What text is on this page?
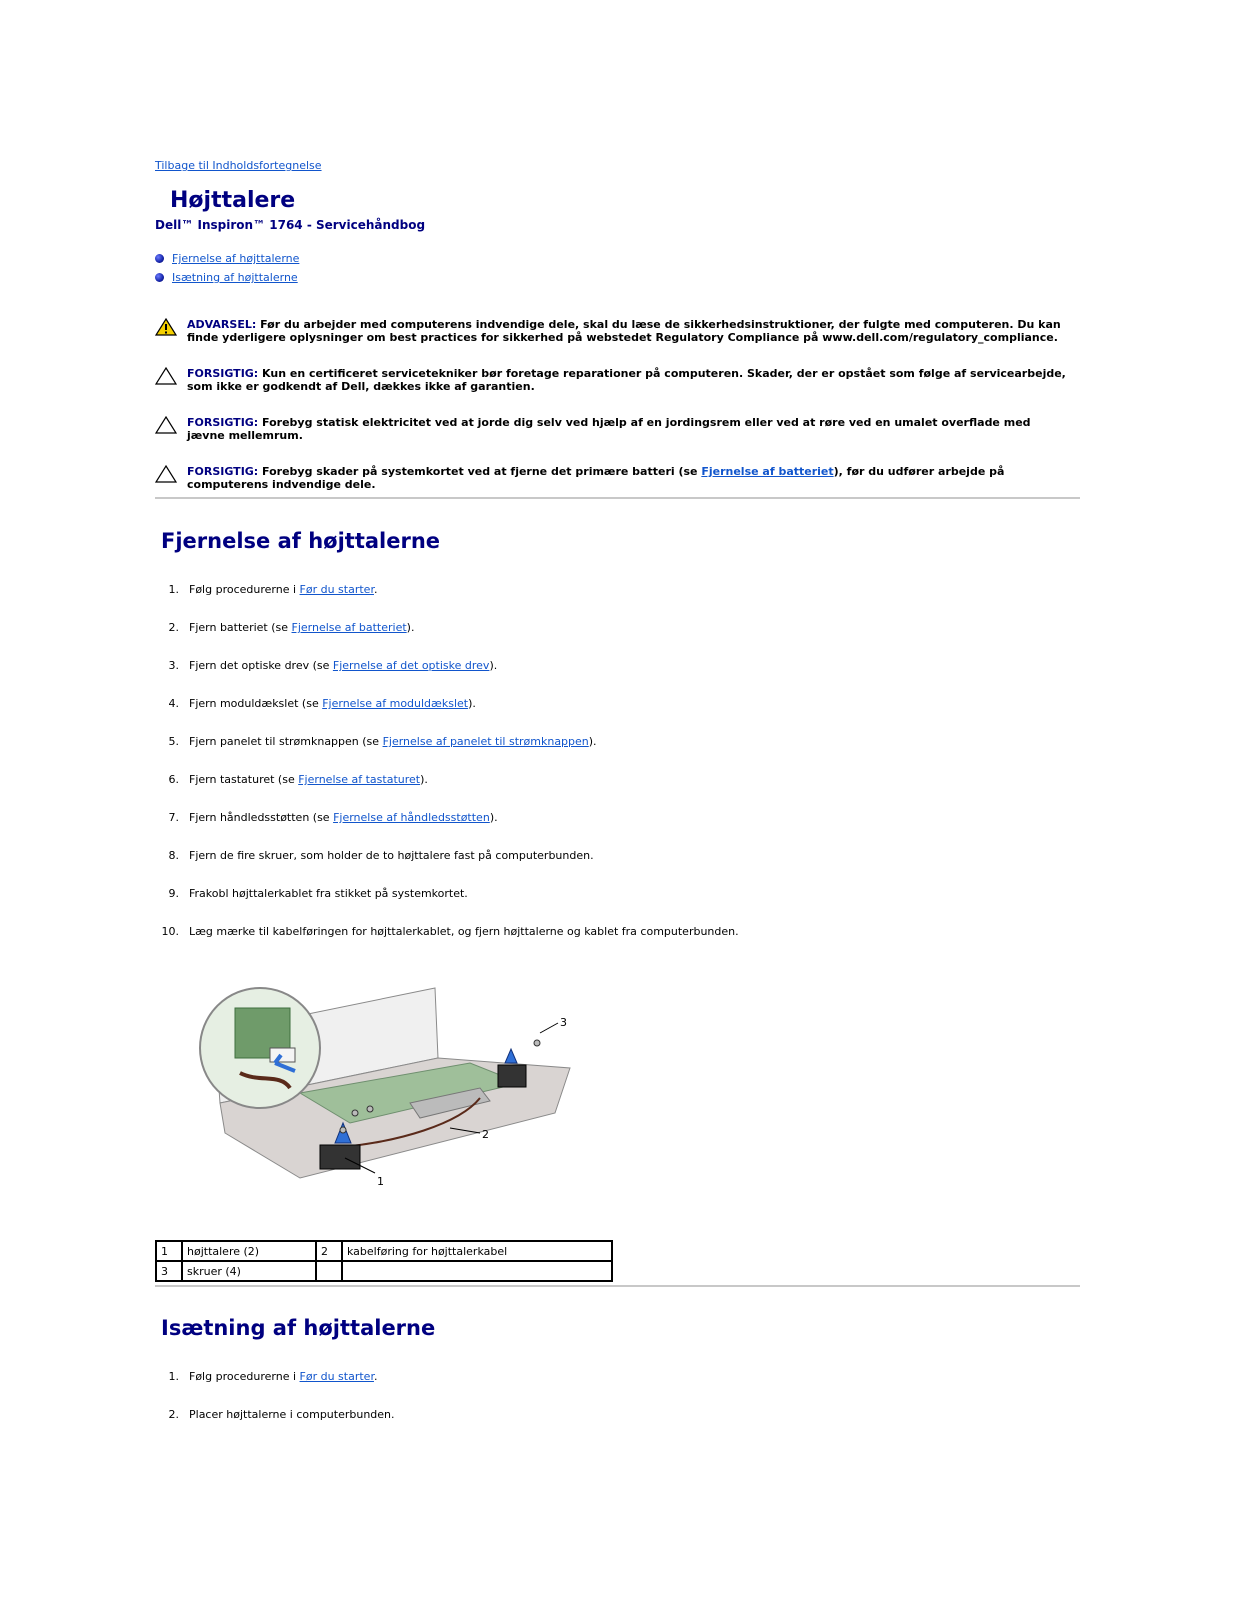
Tilbage til Indholdsfortegnelse
Højttalere
Dell™ Inspiron™ 1764 - Servicehåndbog
Fjernelse af højttalerne
Isætning af højttalerne
ADVARSEL: Før du arbejder med computerens indvendige dele, skal du læse de sikkerhedsinstruktioner, der fulgte med computeren. Du kan finde yderligere oplysninger om best practices for sikkerhed på webstedet Regulatory Compliance på www.dell.com/regulatory_compliance.
FORSIGTIG: Kun en certificeret servicetekniker bør foretage reparationer på computeren. Skader, der er opstået som følge af servicearbejde, som ikke er godkendt af Dell, dækkes ikke af garantien.
FORSIGTIG: Forebyg statisk elektricitet ved at jorde dig selv ved hjælp af en jordingsrem eller ved at røre ved en umalet overflade med jævne mellemrum.
FORSIGTIG: Forebyg skader på systemkortet ved at fjerne det primære batteri (se Fjernelse af batteriet), før du udfører arbejde på computerens indvendige dele.
Fjernelse af højttalerne
1. Følg procedurerne i Før du starter.
2. Fjern batteriet (se Fjernelse af batteriet).
3. Fjern det optiske drev (se Fjernelse af det optiske drev).
4. Fjern moduldækslet (se Fjernelse af moduldækslet).
5. Fjern panelet til strømknappen (se Fjernelse af panelet til strømknappen).
6. Fjern tastaturet (se Fjernelse af tastaturet).
7. Fjern håndledsstøtten (se Fjernelse af håndledsstøtten).
8. Fjern de fire skruer, som holder de to højttalere fast på computerbunden.
9. Frakobl højttalerkablet fra stikket på systemkortet.
10. Læg mærke til kabelføringen for højttalerkablet, og fjern højttalerne og kablet fra computerbunden.
1
2
3
1	højttalere (2)	2	kabelføring for højttalerkabel
3	skruer (4)		
Isætning af højttalerne
1. Følg procedurerne i Før du starter.
2. Placer højttalerne i computerbunden.
